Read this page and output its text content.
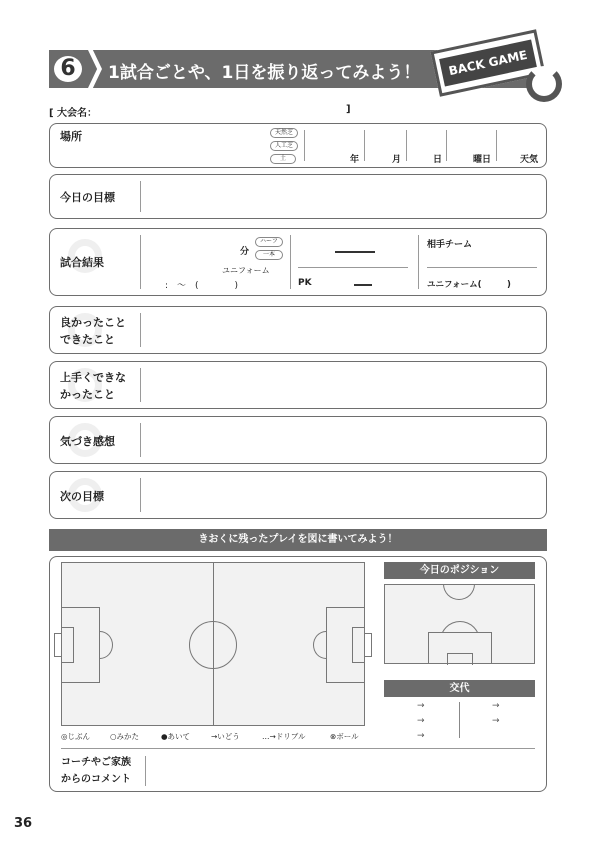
6	1試合ごとや、1日を振り返ってみよう！	BACK GAME
[ 大会名：	]
場所	天然芝
人工芝
土	年	月	日	曜日	天気
今日の目標
試合結果
分
ハーフ
一本
ユニフォーム
:　〜　(　　　　)	PK
相手チーム
ユニフォーム(　　　)
良かったこと
できたこと
上手くできな
かったこと
気づき感想
次の目標
きおくに残ったプレイを図に書いてみよう！
◎じぶん	○みかた	●あいて	→いどう	…→ドリブル	⊗ボール
今日のポジション
交代
→
→
→
→
→
コーチやご家族
からのコメント
36
